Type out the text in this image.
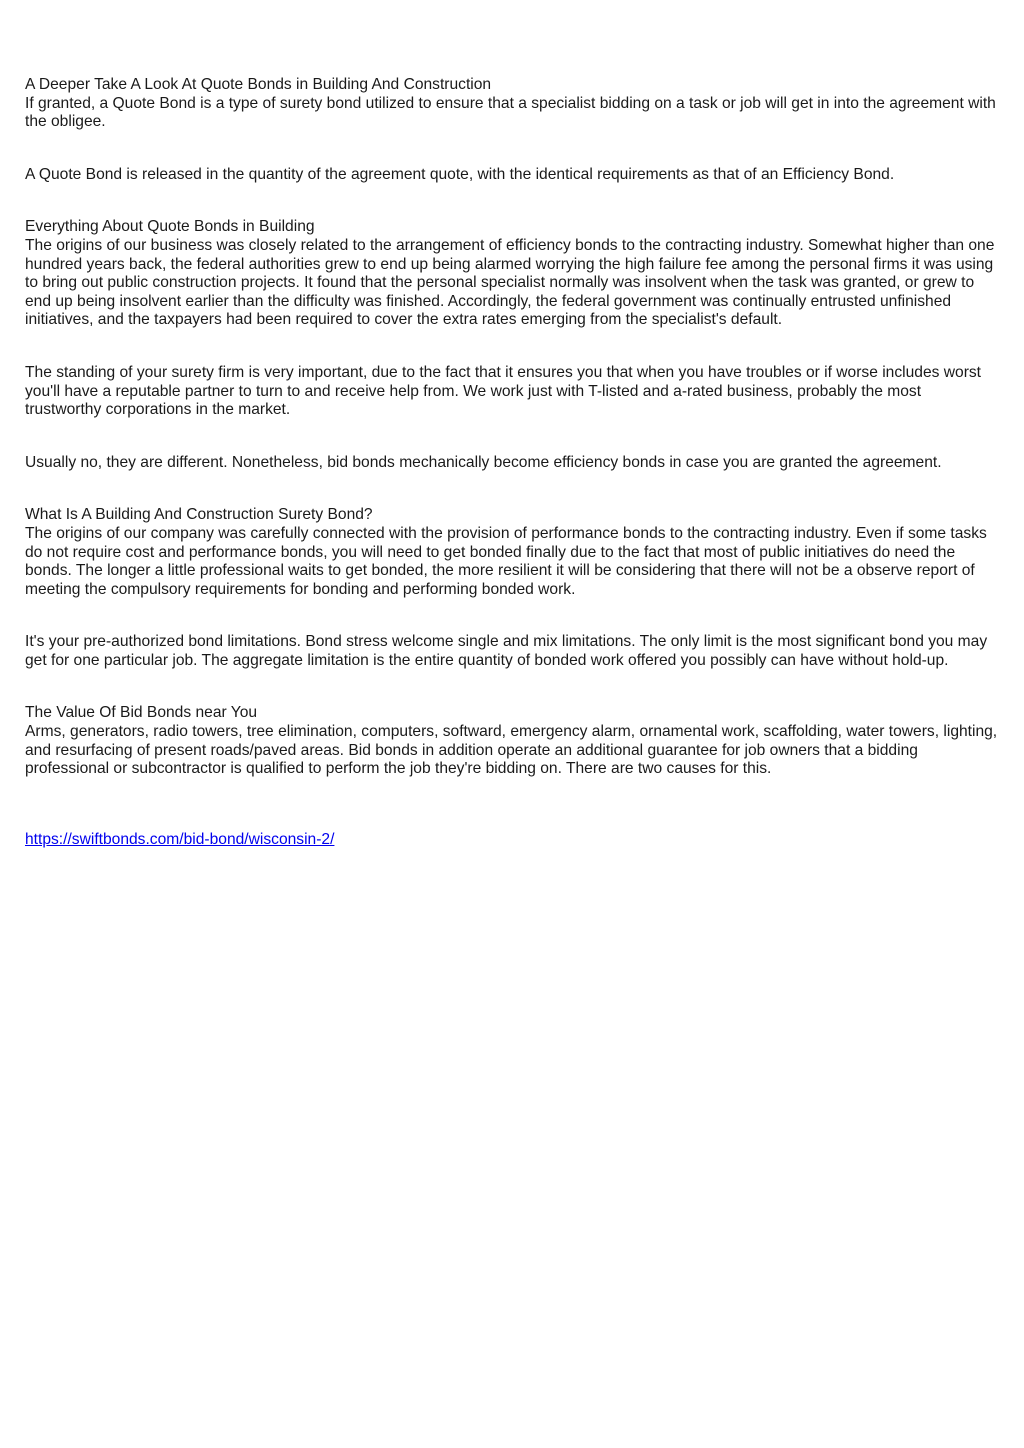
A Deeper Take A Look At Quote Bonds in Building And Construction

If granted, a Quote Bond is a type of surety bond utilized to ensure that a specialist bidding on a task or job will get in into the agreement with the obligee.

A Quote Bond is released in the quantity of the agreement quote, with the identical requirements as that of an Efficiency Bond.

Everything About Quote Bonds in Building

The origins of our business was closely related to the arrangement of efficiency bonds to the contracting industry. Somewhat higher than one hundred years back, the federal authorities grew to end up being alarmed worrying the high failure fee among the personal firms it was using to bring out public construction projects. It found that the personal specialist normally was insolvent when the task was granted, or grew to end up being insolvent earlier than the difficulty was finished. Accordingly, the federal government was continually entrusted unfinished initiatives, and the taxpayers had been required to cover the extra rates emerging from the specialist's default.

The standing of your surety firm is very important, due to the fact that it ensures you that when you have troubles or if worse includes worst you'll have a reputable partner to turn to and receive help from. We work just with T-listed and a-rated business, probably the most trustworthy corporations in the market.

Usually no, they are different. Nonetheless, bid bonds mechanically become efficiency bonds in case you are granted the agreement.

What Is A Building And Construction Surety Bond?

The origins of our company was carefully connected with the provision of performance bonds to the contracting industry. Even if some tasks do not require cost and performance bonds, you will need to get bonded finally due to the fact that most of public initiatives do need the bonds. The longer a little professional waits to get bonded, the more resilient it will be considering that there will not be a observe report of meeting the compulsory requirements for bonding and performing bonded work.

It's your pre-authorized bond limitations. Bond stress welcome single and mix limitations. The only limit is the most significant bond you may get for one particular job. The aggregate limitation is the entire quantity of bonded work offered you possibly can have without hold-up.

The Value Of Bid Bonds near You

Arms, generators, radio towers, tree elimination, computers, softward, emergency alarm, ornamental work, scaffolding, water towers, lighting, and resurfacing of present roads/paved areas. Bid bonds in addition operate an additional guarantee for job owners that a bidding professional or subcontractor is qualified to perform the job they're bidding on. There are two causes for this.

https://swiftbonds.com/bid-bond/wisconsin-2/
